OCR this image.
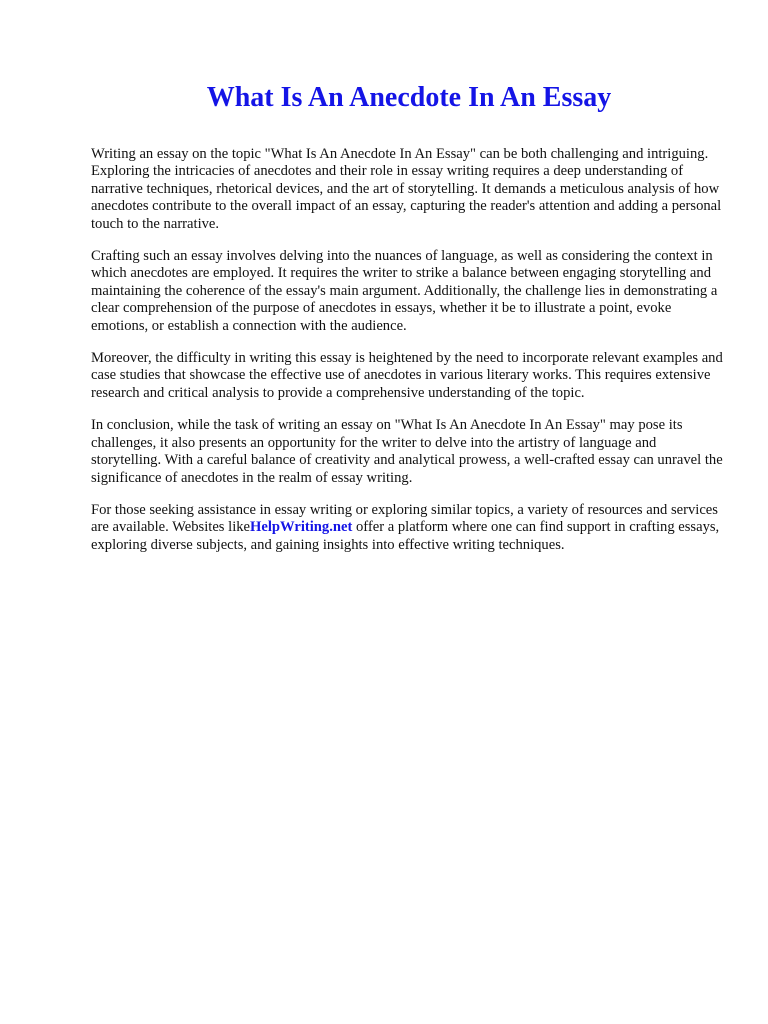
What Is An Anecdote In An Essay

Writing an essay on the topic "What Is An Anecdote In An Essay" can be both challenging and intriguing. Exploring the intricacies of anecdotes and their role in essay writing requires a deep understanding of narrative techniques, rhetorical devices, and the art of storytelling. It demands a meticulous analysis of how anecdotes contribute to the overall impact of an essay, capturing the reader's attention and adding a personal touch to the narrative.

Crafting such an essay involves delving into the nuances of language, as well as considering the context in which anecdotes are employed. It requires the writer to strike a balance between engaging storytelling and maintaining the coherence of the essay's main argument. Additionally, the challenge lies in demonstrating a clear comprehension of the purpose of anecdotes in essays, whether it be to illustrate a point, evoke emotions, or establish a connection with the audience.

Moreover, the difficulty in writing this essay is heightened by the need to incorporate relevant examples and case studies that showcase the effective use of anecdotes in various literary works. This requires extensive research and critical analysis to provide a comprehensive understanding of the topic.

In conclusion, while the task of writing an essay on "What Is An Anecdote In An Essay" may pose its challenges, it also presents an opportunity for the writer to delve into the artistry of language and storytelling. With a careful balance of creativity and analytical prowess, a well-crafted essay can unravel the significance of anecdotes in the realm of essay writing.

For those seeking assistance in essay writing or exploring similar topics, a variety of resources and services are available. Websites likeHelpWriting.net offer a platform where one can find support in crafting essays, exploring diverse subjects, and gaining insights into effective writing techniques.
